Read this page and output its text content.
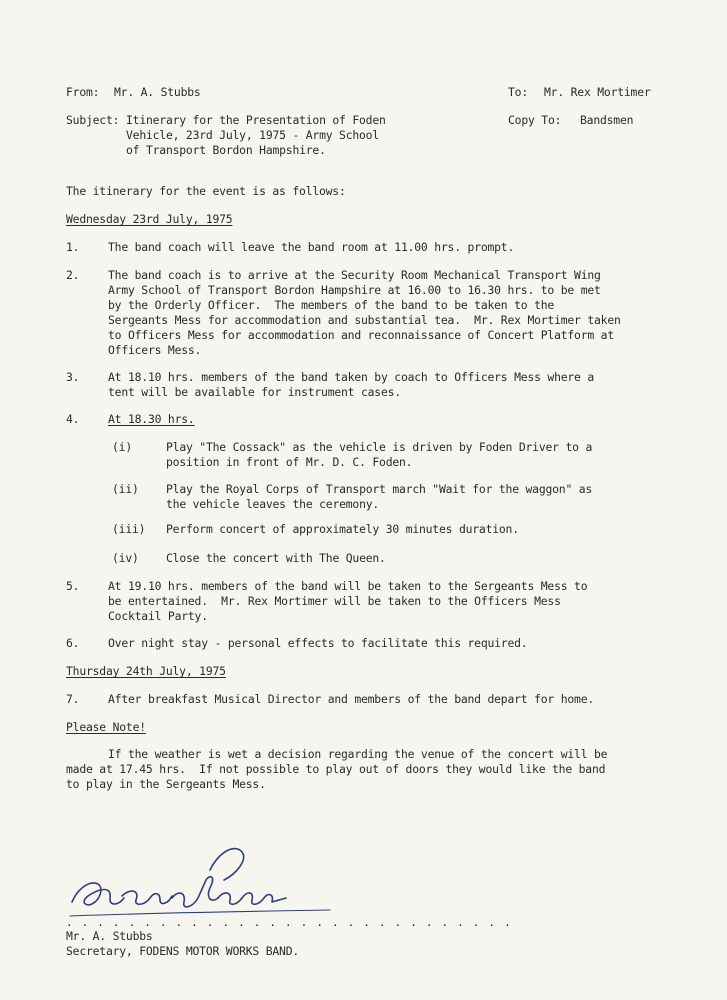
From: Mr. A. Stubbs	To: Mr. Rex Mortimer
Subject: Itinerary for the Presentation of Foden
Vehicle, 23rd July, 1975 - Army School
of Transport Bordon Hampshire.
Copy To: Bandsmen
The itinerary for the event is as follows:
Wednesday 23rd July, 1975
1.	The band coach will leave the band room at 11.00 hrs. prompt.
2.	The band coach is to arrive at the Security Room Mechanical Transport Wing
Army School of Transport Bordon Hampshire at 16.00 to 16.30 hrs. to be met
by the Orderly Officer.  The members of the band to be taken to the
Sergeants Mess for accommodation and substantial tea.  Mr. Rex Mortimer taken
to Officers Mess for accommodation and reconnaissance of Concert Platform at
Officers Mess.
3.	At 18.10 hrs. members of the band taken by coach to Officers Mess where a
tent will be available for instrument cases.
4.	At 18.30 hrs.
(i)	Play "The Cossack" as the vehicle is driven by Foden Driver to a
position in front of Mr. D. C. Foden.
(ii) Play the Royal Corps of Transport march "Wait for the waggon" as
the vehicle leaves the ceremony.
(iii) Perform concert of approximately 30 minutes duration.
(iv) Close the concert with The Queen.
5.	At 19.10 hrs. members of the band will be taken to the Sergeants Mess to
be entertained.  Mr. Rex Mortimer will be taken to the Officers Mess
Cocktail Party.
6.	Over night stay - personal effects to facilitate this required.
Thursday 24th July, 1975
7.	After breakfast Musical Director and members of the band depart for home.
Please Note!
If the weather is wet a decision regarding the venue of the concert will be
made at 17.45 hrs.  If not possible to play out of doors they would like the band
to play in the Sergeants Mess.
. . . . . . . . . . . . . . . . . . . . . . . . . . . . .
Mr. A. Stubbs
Secretary, FODENS MOTOR WORKS BAND.
